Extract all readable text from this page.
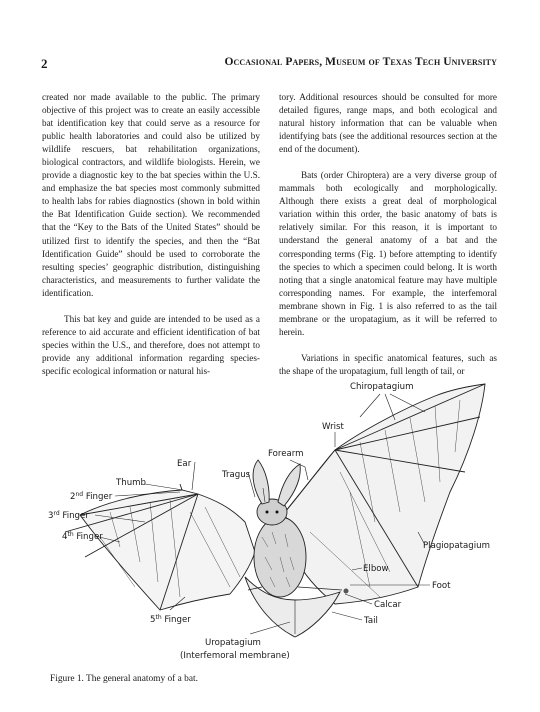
2	Occasional Papers, Museum of Texas Tech University

created nor made available to the public. The primary objective of this project was to create an easily accessible bat identification key that could serve as a resource for public health laboratories and could also be utilized by wildlife rescuers, bat rehabilitation organizations, biological contractors, and wildlife biologists. Herein, we provide a diagnostic key to the bat species within the U.S. and emphasize the bat species most commonly submitted to health labs for rabies diagnostics (shown in bold within the Bat Identification Guide section). We recommended that the “Key to the Bats of the United States” should be utilized first to identify the species, and then the “Bat Identification Guide” should be used to corroborate the resulting species’ geographic distribution, distinguishing characteristics, and measurements to further validate the identification.

This bat key and guide are intended to be used as a reference to aid accurate and efficient identification of bat species within the U.S., and therefore, does not attempt to provide any additional information regarding species-specific ecological information or natural his-

tory. Additional resources should be consulted for more detailed figures, range maps, and both ecological and natural history information that can be valuable when identifying bats (see the additional resources section at the end of the document).

Bats (order Chiroptera) are a very diverse group of mammals both ecologically and morphologically. Although there exists a great deal of morphological variation within this order, the basic anatomy of bats is relatively similar. For this reason, it is important to understand the general anatomy of a bat and the corresponding terms (Fig. 1) before attempting to identify the species to which a specimen could belong. It is worth noting that a single anatomical feature may have multiple corresponding names. For example, the interfemoral membrane shown in Fig. 1 is also referred to as the tail membrane or the uropatagium, as it will be referred to herein.

Variations in specific anatomical features, such as the shape of the uropatagium, full length of tail, or

Chiropatagium
Wrist
Forearm
Ear
Tragus
Thumb
2nd Finger
3rd Finger
4th Finger
5th Finger
Plagiopatagium
Elbow
Foot
Calcar
Tail
Uropatagium
(Interfemoral membrane)
Figure 1. The general anatomy of a bat.
